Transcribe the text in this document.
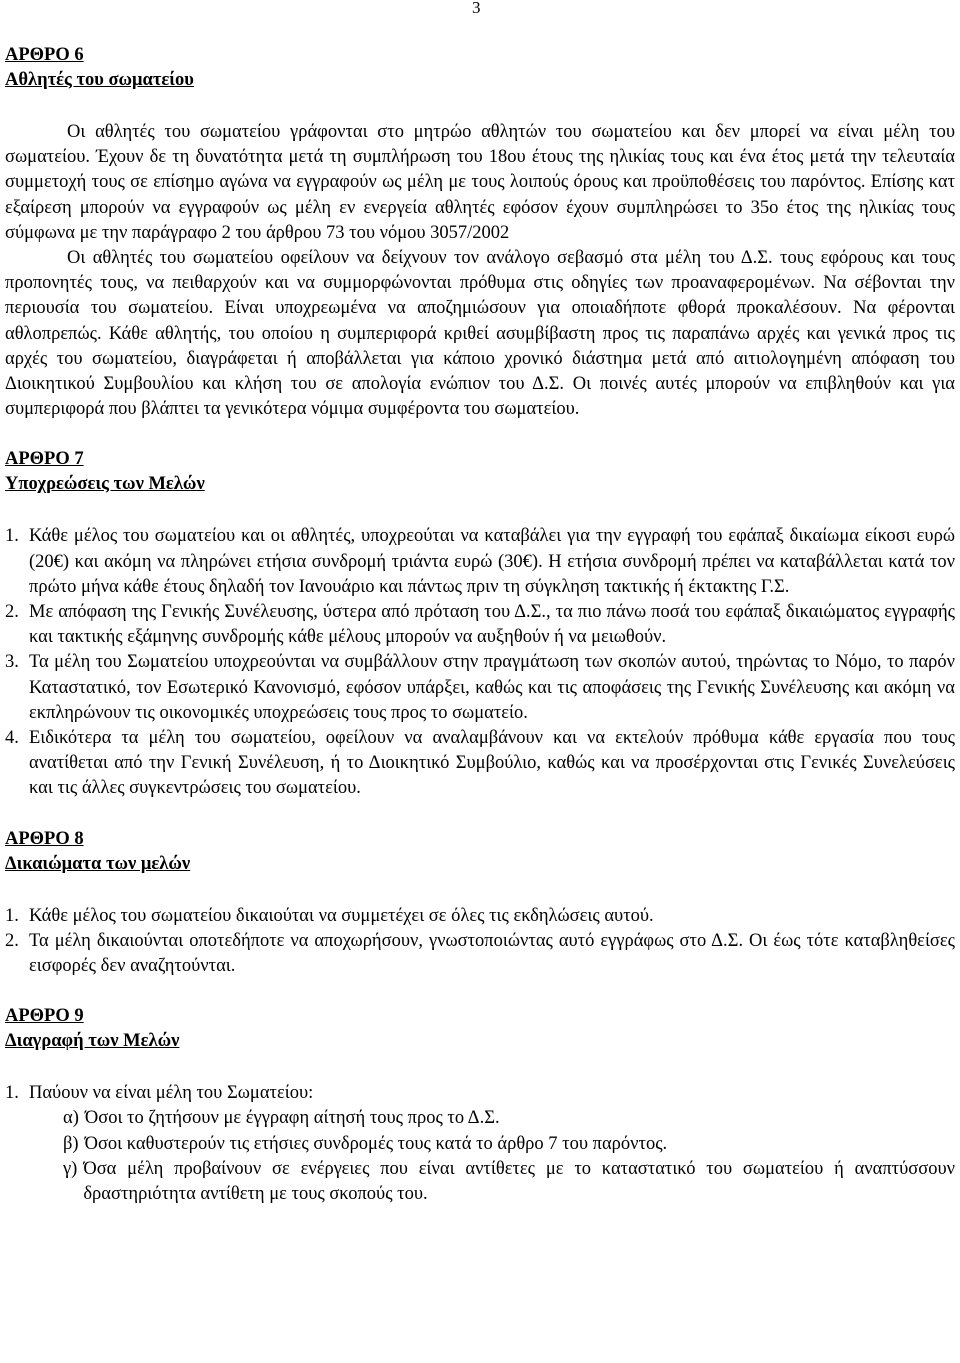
3

ΑΡΘΡΟ 6

Αθλητές του σωματείου

Οι αθλητές του σωματείου γράφονται στο μητρώο αθλητών του σωματείου και δεν μπορεί να είναι μέλη του σωματείου. Έχουν δε τη δυνατότητα μετά τη συμπλήρωση του 18ου έτους της ηλικίας τους και ένα έτος μετά την τελευταία συμμετοχή τους σε επίσημο αγώνα να εγγραφούν ως μέλη με τους λοιπούς όρους και προϋποθέσεις του παρόντος. Επίσης κατ εξαίρεση μπορούν να εγγραφούν ως μέλη εν ενεργεία αθλητές εφόσον έχουν συμπληρώσει το 35ο έτος της ηλικίας τους σύμφωνα με την παράγραφο 2 του άρθρου 73 του νόμου 3057/2002

Οι αθλητές του σωματείου οφείλουν να δείχνουν τον ανάλογο σεβασμό στα μέλη του Δ.Σ. τους εφόρους και τους προπονητές τους, να πειθαρχούν και να συμμορφώνονται πρόθυμα στις οδηγίες των προαναφερομένων. Να σέβονται την περιουσία του σωματείου. Είναι υποχρεωμένα να αποζημιώσουν για οποιαδήποτε φθορά προκαλέσουν. Να φέρονται αθλοπρεπώς. Κάθε αθλητής, του οποίου η συμπεριφορά κριθεί ασυμβίβαστη προς τις παραπάνω αρχές και γενικά προς τις αρχές του σωματείου, διαγράφεται ή αποβάλλεται για κάποιο χρονικό διάστημα μετά από αιτιολογημένη απόφαση του Διοικητικού Συμβουλίου και κλήση του σε απολογία ενώπιον του Δ.Σ. Οι ποινές αυτές μπορούν να επιβληθούν και για συμπεριφορά που βλάπτει τα γενικότερα νόμιμα συμφέροντα του σωματείου.

ΑΡΘΡΟ 7

Υποχρεώσεις των Μελών

1. Κάθε μέλος του σωματείου και οι αθλητές, υποχρεούται να καταβάλει για την εγγραφή του εφάπαξ δικαίωμα είκοσι ευρώ (20€) και ακόμη να πληρώνει ετήσια συνδρομή τριάντα ευρώ (30€). Η ετήσια συνδρομή πρέπει να καταβάλλεται κατά τον πρώτο μήνα κάθε έτους δηλαδή τον Ιανουάριο και πάντως πριν τη σύγκληση τακτικής ή έκτακτης Γ.Σ.
2. Με απόφαση της Γενικής Συνέλευσης, ύστερα από πρόταση του Δ.Σ., τα πιο πάνω ποσά του εφάπαξ δικαιώματος εγγραφής και τακτικής εξάμηνης συνδρομής κάθε μέλους μπορούν να αυξηθούν ή να μειωθούν.
3. Τα μέλη του Σωματείου υποχρεούνται να συμβάλλουν στην πραγμάτωση των σκοπών αυτού, τηρώντας το Νόμο, το παρόν Καταστατικό, τον Εσωτερικό Κανονισμό, εφόσον υπάρξει, καθώς και τις αποφάσεις της Γενικής Συνέλευσης και ακόμη να εκπληρώνουν τις οικονομικές υποχρεώσεις τους προς το σωματείο.
4. Ειδικότερα τα μέλη του σωματείου, οφείλουν να αναλαμβάνουν και να εκτελούν πρόθυμα κάθε εργασία που τους ανατίθεται από την Γενική Συνέλευση, ή το Διοικητικό Συμβούλιο, καθώς και να προσέρχονται στις Γενικές Συνελεύσεις και τις άλλες συγκεντρώσεις του σωματείου.

ΑΡΘΡΟ 8

Δικαιώματα των μελών

1. Κάθε μέλος του σωματείου δικαιούται να συμμετέχει σε όλες τις εκδηλώσεις αυτού.
2. Τα μέλη δικαιούνται οποτεδήποτε να αποχωρήσουν, γνωστοποιώντας αυτό εγγράφως στο Δ.Σ. Οι έως τότε καταβληθείσες εισφορές δεν αναζητούνται.

ΑΡΘΡΟ 9

Διαγραφή των Μελών

1. Παύουν να είναι μέλη του Σωματείου:
α) Όσοι το ζητήσουν με έγγραφη αίτησή τους προς το Δ.Σ.
β) Όσοι καθυστερούν τις ετήσιες συνδρομές τους κατά το άρθρο 7 του παρόντος.
γ) Όσα μέλη προβαίνουν σε ενέργειες που είναι αντίθετες με το καταστατικό του σωματείου ή αναπτύσσουν δραστηριότητα αντίθετη με τους σκοπούς του.
